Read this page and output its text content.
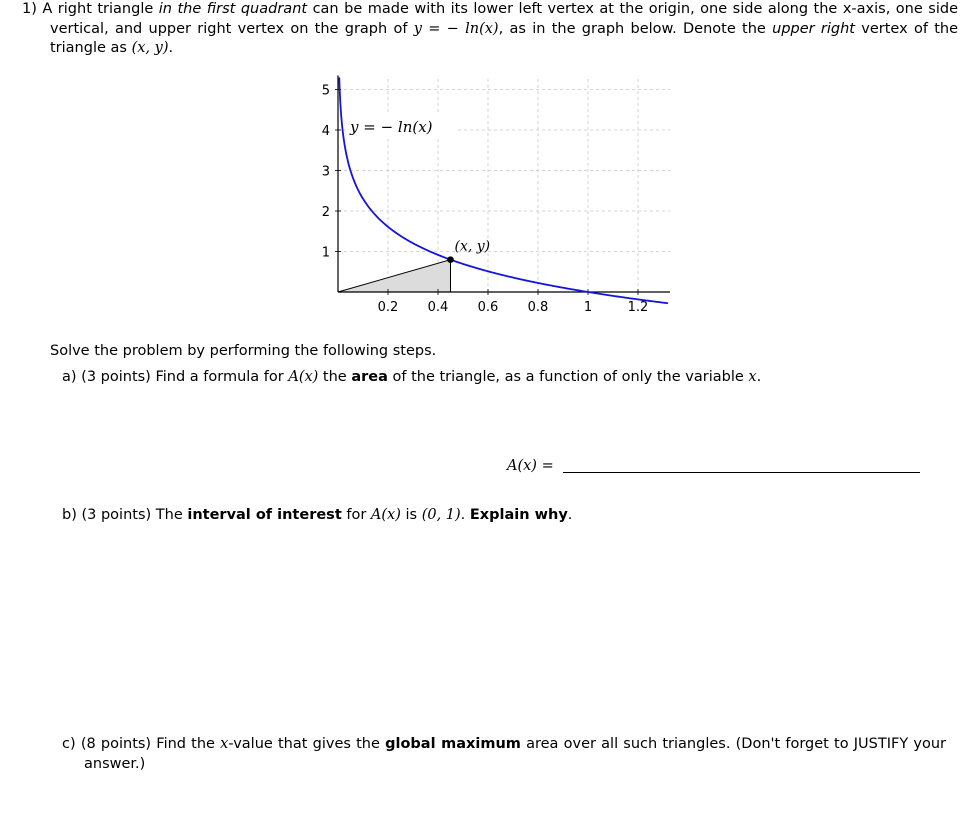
1) A right triangle in the first quadrant can be made with its lower left vertex at the origin, one side along the x-axis, one side vertical, and upper right vertex on the graph of y = − ln(x), as in the graph below. Denote the upper right vertex of the triangle as (x, y).
0.2 0.4 0.6 0.8	1	1.2
1
2
3
4
5
(x, y)
y = − ln(x)
Solve the problem by performing the following steps.
a) (3 points) Find a formula for A(x) the area of the triangle, as a function of only the variable x.
A(x) =
b) (3 points) The interval of interest for A(x) is (0, 1). Explain why.
c) (8 points) Find the x-value that gives the global maximum area over all such triangles. (Don't forget to JUSTIFY your answer.)
